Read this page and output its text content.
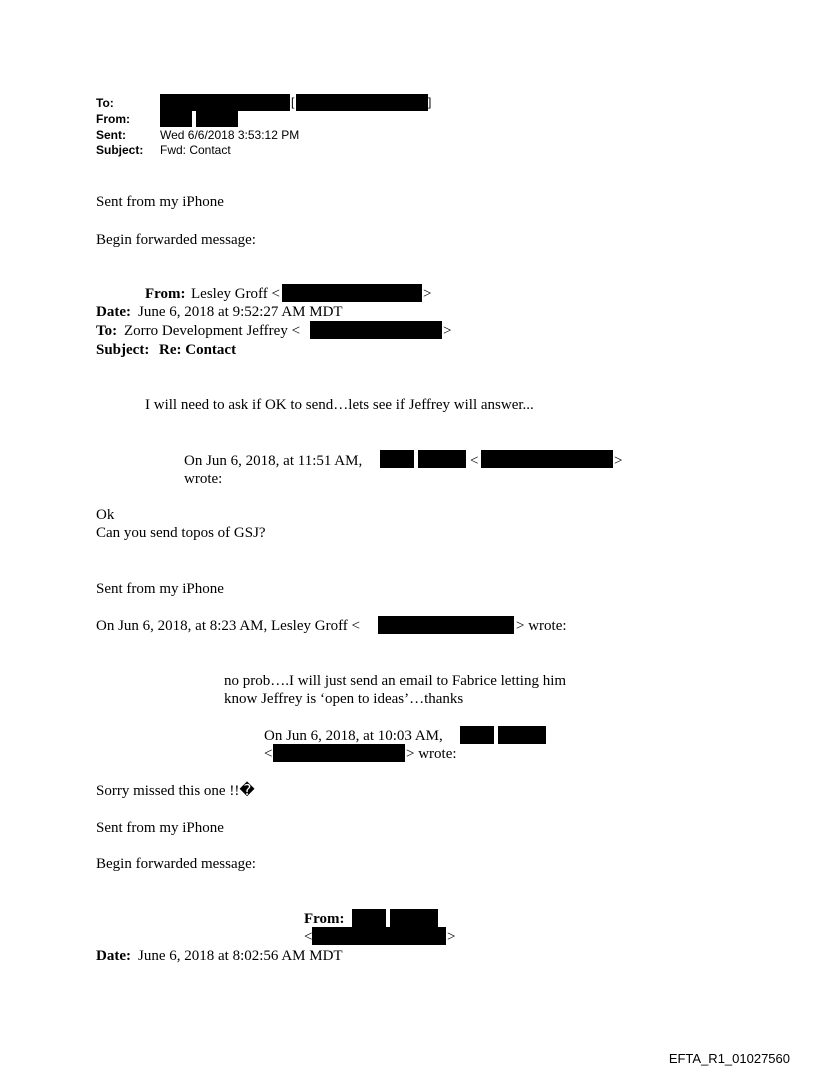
To:	[	]
From:
Sent:	Wed 6/6/2018 3:53:12 PM
Subject: Fwd: Contact
Sent from my iPhone
Begin forwarded message:
From: Lesley Groff <	>
Date: June 6, 2018 at 9:52:27 AM MDT
To: Zorro Development Jeffrey <	>
Subject: Re: Contact
I will need to ask if OK to send…lets see if Jeffrey will answer...
On Jun 6, 2018, at 11:51 AM,	<	>
wrote:
Ok
Can you send topos of GSJ?
Sent from my iPhone
On Jun 6, 2018, at 8:23 AM, Lesley Groff <	> wrote:
no prob….I will just send an email to Fabrice letting him
know Jeffrey is ‘open to ideas’…thanks
On Jun 6, 2018, at 10:03 AM,
<	> wrote:
Sorry missed this one !!�
Sent from my iPhone
Begin forwarded message:
From:
<	>
Date: June 6, 2018 at 8:02:56 AM MDT
EFTA_R1_01027560
